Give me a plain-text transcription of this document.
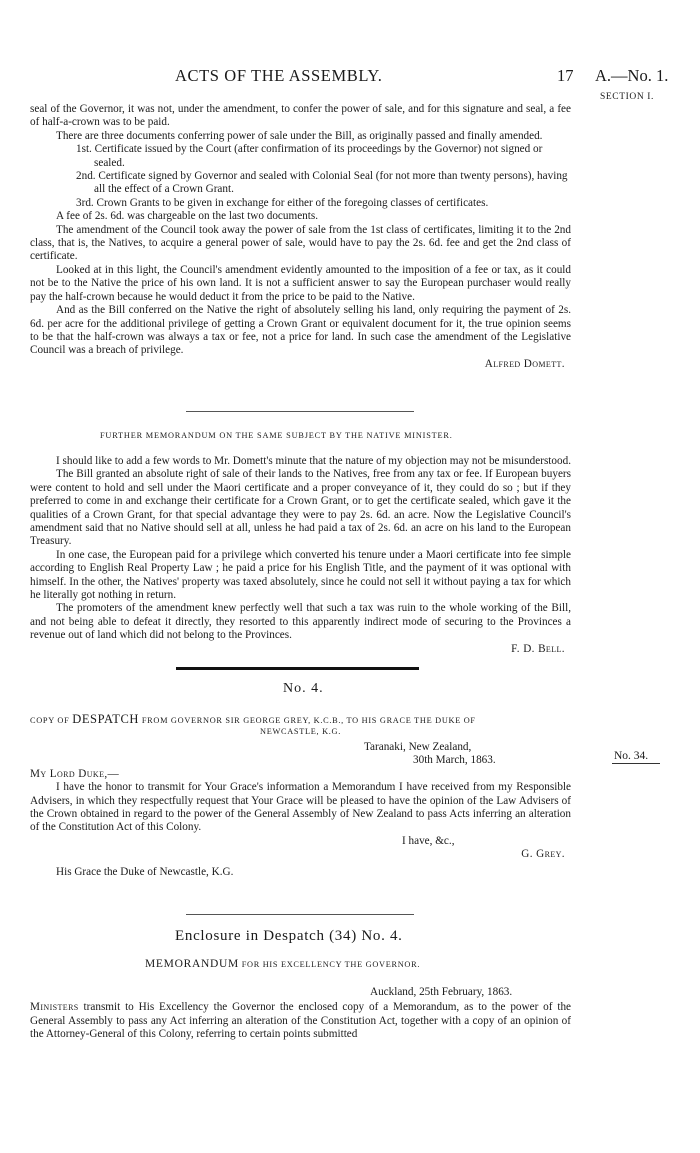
ACTS OF THE ASSEMBLY.	17 A.—No. 1.
SECTION I.

seal of the Governor, it was not, under the amendment, to confer the power of sale, and for this signature and seal, a fee of half-a-crown was to be paid.

There are three documents conferring power of sale under the Bill, as originally passed and finally amended.

1st. Certificate issued by the Court (after confirmation of its proceedings by the Governor) not signed or sealed.

2nd. Certificate signed by Governor and sealed with Colonial Seal (for not more than twenty persons), having all the effect of a Crown Grant.

3rd. Crown Grants to be given in exchange for either of the foregoing classes of certificates.

A fee of 2s. 6d. was chargeable on the last two documents.

The amendment of the Council took away the power of sale from the 1st class of certificates, limiting it to the 2nd class, that is, the Natives, to acquire a general power of sale, would have to pay the 2s. 6d. fee and get the 2nd class of certificate.

Looked at in this light, the Council's amendment evidently amounted to the imposition of a fee or tax, as it could not be to the Native the price of his own land. It is not a sufficient answer to say the European purchaser would really pay the half-crown because he would deduct it from the price to be paid to the Native.

And as the Bill conferred on the Native the right of absolutely selling his land, only requiring the payment of 2s. 6d. per acre for the additional privilege of getting a Crown Grant or equivalent document for it, the true opinion seems to be that the half-crown was always a tax or fee, not a price for land. In such case the amendment of the Legislative Council was a breach of privilege.

Alfred Domett.

FURTHER MEMORANDUM ON THE SAME SUBJECT BY THE NATIVE MINISTER.

I should like to add a few words to Mr. Domett's minute that the nature of my objection may not be misunderstood.

The Bill granted an absolute right of sale of their lands to the Natives, free from any tax or fee. If European buyers were content to hold and sell under the Maori certificate and a proper conveyance of it, they could do so ; but if they preferred to come in and exchange their certificate for a Crown Grant, or to get the certificate sealed, which gave it the qualities of a Crown Grant, for that special advantage they were to pay 2s. 6d. an acre. Now the Legislative Council's amendment said that no Native should sell at all, unless he had paid a tax of 2s. 6d. an acre on his land to the European Treasury.

In one case, the European paid for a privilege which converted his tenure under a Maori certificate into fee simple according to English Real Property Law ; he paid a price for his English Title, and the payment of it was optional with himself. In the other, the Natives' property was taxed absolutely, since he could not sell it without paying a tax for which he literally got nothing in return.

The promoters of the amendment knew perfectly well that such a tax was ruin to the whole working of the Bill, and not being able to defeat it directly, they resorted to this apparently indirect mode of securing to the Provinces a revenue out of land which did not belong to the Provinces.

F. D. Bell.

No. 4.
COPY OF DESPATCH FROM GOVERNOR SIR GEORGE GREY, K.C.B., TO HIS GRACE THE DUKE OF
NEWCASTLE, K.G.
No. 34.

Taranaki, New Zealand,

30th March, 1863.

My Lord Duke,—

I have the honor to transmit for Your Grace's information a Memorandum I have received from my Responsible Advisers, in which they respectfully request that Your Grace will be pleased to have the opinion of the Law Advisers of the Crown obtained in regard to the power of the General Assembly of New Zealand to pass Acts inferring an alteration of the Constitution Act of this Colony.

I have, &c.,

G. Grey.

His Grace the Duke of Newcastle, K.G.

Enclosure in Despatch (34) No. 4.
MEMORANDUM FOR HIS EXCELLENCY THE GOVERNOR.

Auckland, 25th February, 1863.

Ministers transmit to His Excellency the Governor the enclosed copy of a Memorandum, as to the power of the General Assembly to pass any Act inferring an alteration of the Constitution Act, together with a copy of an opinion of the Attorney-General of this Colony, referring to certain points submitted
